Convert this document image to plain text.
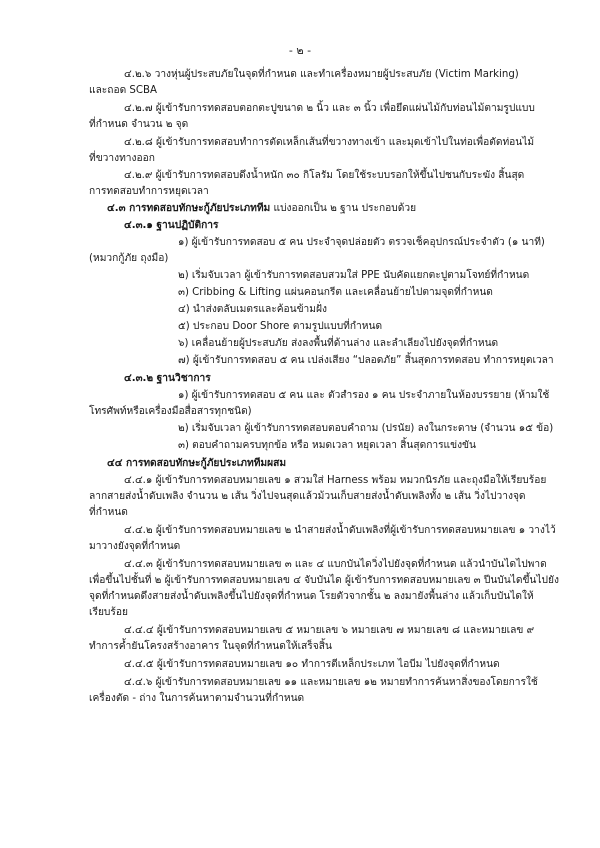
- ๒ -
๔.๒.๖ วางหุ่นผู้ประสบภัยในจุดที่กำหนด และทำเครื่องหมายผู้ประสบภัย (Victim Marking)
และถอด SCBA
๔.๒.๗ ผู้เข้ารับการทดสอบตอกตะปูขนาด ๒ นิ้ว และ ๓ นิ้ว เพื่อยึดแผ่นไม้กับท่อนไม้ตามรูปแบบ
ที่กำหนด จำนวน ๒ จุด
๔.๒.๘ ผู้เข้ารับการทดสอบทำการตัดเหล็กเส้นที่ขวางทางเข้า และมุดเข้าไปในท่อเพื่อตัดท่อนไม้
ที่ขวางทางออก
๔.๒.๙ ผู้เข้ารับการทดสอบดึงน้ำหนัก ๓๐ กิโลรัม โดยใช้ระบบรอกให้ขึ้นไปชนกับระฆัง สิ้นสุด
การทดสอบทำการหยุดเวลา
๔.๓ การทดสอบทักษะกู้ภัยประเภททีม แบ่งออกเป็น ๒ ฐาน ประกอบด้วย
๔.๓.๑ ฐานปฏิบัติการ
๑) ผู้เข้ารับการทดสอบ ๕ คน ประจำจุดปล่อยตัว ตรวจเช็คอุปกรณ์ประจำตัว (๑ นาที)
(หมวกกู้ภัย ถุงมือ)
๒) เริ่มจับเวลา ผู้เข้ารับการทดสอบสวมใส่ PPE นับคัดแยกตะปูตามโจทย์ที่กำหนด
๓) Cribbing & Lifting แผ่นคอนกรีต และเคลื่อนย้ายไปตามจุดที่กำหนด
๔) นำส่งตลับเมตรและค้อนข้ามฝั่ง
๕) ประกอบ Door Shore ตามรูปแบบที่กำหนด
๖) เคลื่อนย้ายผู้ประสบภัย ส่งลงพื้นที่ด้านล่าง และลำเลียงไปยังจุดที่กำหนด
๗) ผู้เข้ารับการทดสอบ ๕ คน เปล่งเสียง “ปลอดภัย” สิ้นสุดการทดสอบ ทำการหยุดเวลา
๔.๓.๒ ฐานวิชาการ
๑) ผู้เข้ารับการทดสอบ ๕ คน และ ตัวสำรอง ๑ คน ประจำภายในห้องบรรยาย (ห้ามใช้
โทรศัพท์หรือเครื่องมือสื่อสารทุกชนิด)
๒) เริ่มจับเวลา ผู้เข้ารับการทดสอบตอบคำถาม (ปรนัย) ลงในกระดาษ (จำนวน ๑๕ ข้อ)
๓) ตอบคำถามครบทุกข้อ หรือ หมดเวลา หยุดเวลา สิ้นสุดการแข่งขัน
๔๔ การทดสอบทักษะกู้ภัยประเภททีมผสม
๔.๔.๑ ผู้เข้ารับการทดสอบหมายเลข ๑ สวมใส่ Harness พร้อม หมวกนิรภัย และถุงมือให้เรียบร้อย
ลากสายส่งน้ำดับเพลิง จำนวน ๒ เส้น วิ่งไปจนสุดแล้วม้วนเก็บสายส่งน้ำดับเพลิงทั้ง ๒ เส้น วิ่งไปวางจุด
ที่กำหนด
๔.๔.๒ ผู้เข้ารับการทดสอบหมายเลข ๒ นำสายส่งน้ำดับเพลิงที่ผู้เข้ารับการทดสอบหมายเลข ๑ วางไว้
มาวางยังจุดที่กำหนด
๔.๔.๓ ผู้เข้ารับการทดสอบหมายเลข ๓ และ ๔ แบกบันไดวิ่งไปยังจุดที่กำหนด แล้วนำบันไดไปพาด
เพื่อขึ้นไปชั้นที่ ๒ ผู้เข้ารับการทดสอบหมายเลข ๔ จับบันได ผู้เข้ารับการทดสอบหมายเลข ๓ ปีนบันไดขึ้นไปยัง
จุดที่กำหนดดึงสายส่งน้ำดับเพลิงขึ้นไปยังจุดที่กำหนด โรยตัวจากชั้น ๒ ลงมายังพื้นล่าง แล้วเก็บบันไดให้
เรียบร้อย
๔.๔.๔ ผู้เข้ารับการทดสอบหมายเลข ๕ หมายเลข ๖ หมายเลข ๗ หมายเลข ๘ และหมายเลข ๙
ทำการค้ำยันโครงสร้างอาคาร ในจุดที่กำหนดให้เสร็จสิ้น
๔.๔.๕ ผู้เข้ารับการทดสอบหมายเลข ๑๐ ทำการตีเหล็กประเภท ไอบีม ไปยังจุดที่กำหนด
๔.๔.๖ ผู้เข้ารับการทดสอบหมายเลข ๑๑ และหมายเลข ๑๒ หมายทำการค้นหาสิ่งของโดยการใช้
เครื่องตัด - ถ่าง ในการค้นหาตามจำนวนที่กำหนด
